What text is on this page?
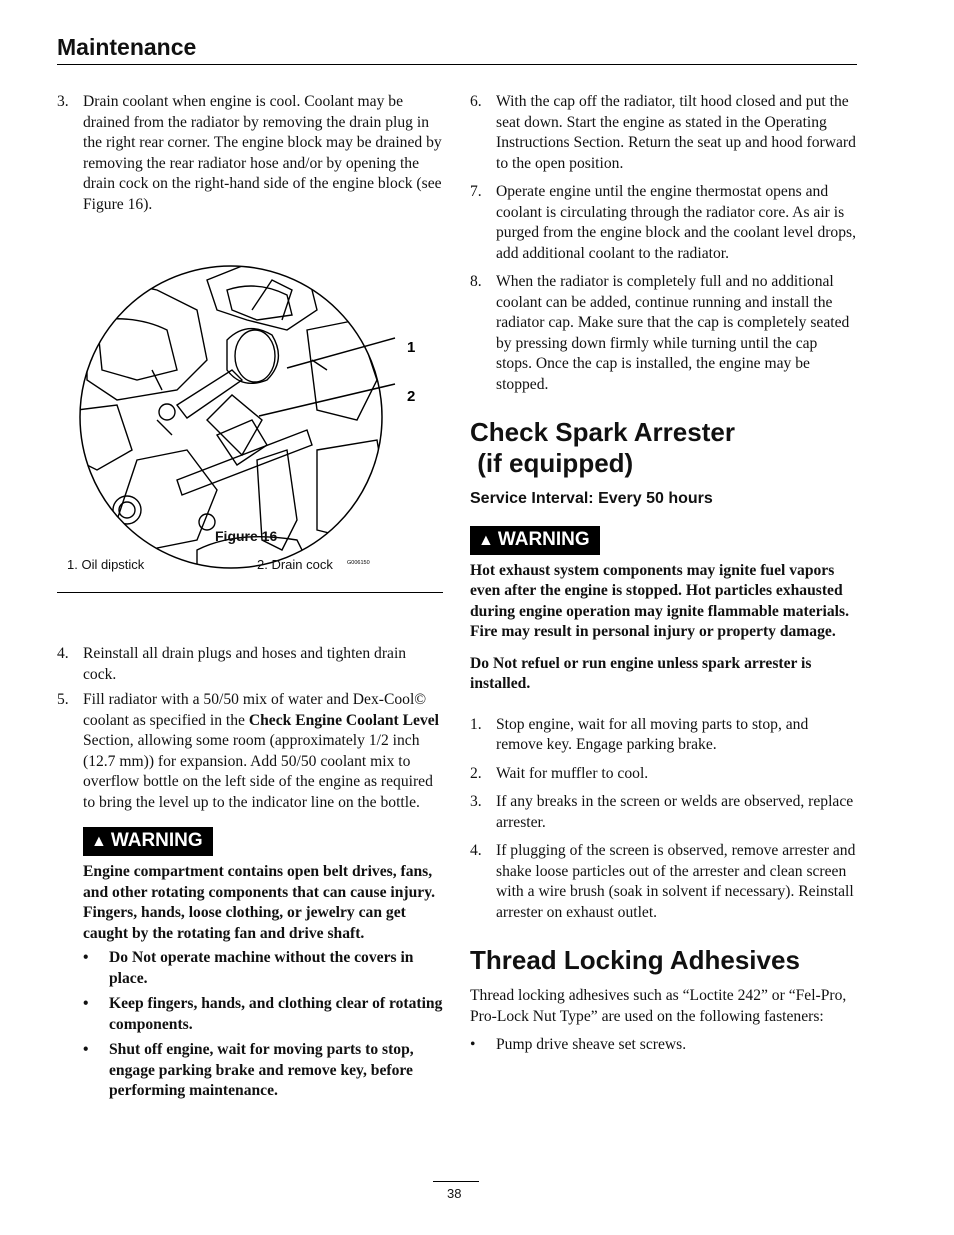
Maintenance
3. Drain coolant when engine is cool. Coolant may be drained from the radiator by removing the drain plug in the right rear corner. The engine block may be drained by removing the rear radiator hose and/or by opening the drain cock on the right-hand side of the engine block (see Figure 16).
1
2
G006150
Figure 16
1. Oil dipstick	2. Drain cock
4. Reinstall all drain plugs and hoses and tighten drain cock.
5. Fill radiator with a 50/50 mix of water and Dex-Cool© coolant as specified in the Check Engine Coolant Level Section, allowing some room (approximately 1/2 inch (12.7 mm)) for expansion. Add 50/50 coolant mix to overflow bottle on the left side of the engine as required to bring the level up to the indicator line on the bottle.
▲ WARNING
Engine compartment contains open belt drives, fans, and other rotating components that can cause injury. Fingers, hands, loose clothing, or jewelry can get caught by the rotating fan and drive shaft.
• Do Not operate machine without the covers in place.
• Keep fingers, hands, and clothing clear of rotating components.
• Shut off engine, wait for moving parts to stop, engage parking brake and remove key, before performing maintenance.
6. With the cap off the radiator, tilt hood closed and put the seat down. Start the engine as stated in the Operating Instructions Section. Return the seat up and hood forward to the open position.
7. Operate engine until the engine thermostat opens and coolant is circulating through the radiator core. As air is purged from the engine block and the coolant level drops, add additional coolant to the radiator.
8. When the radiator is completely full and no additional coolant can be added, continue running and install the radiator cap. Make sure that the cap is completely seated by pressing down firmly while turning until the cap stops. Once the cap is installed, the engine may be stopped.
Check Spark Arrester
(if equipped)
Service Interval: Every 50 hours
▲ WARNING
Hot exhaust system components may ignite fuel vapors even after the engine is stopped. Hot particles exhausted during engine operation may ignite flammable materials. Fire may result in personal injury or property damage.
Do Not refuel or run engine unless spark arrester is installed.
1. Stop engine, wait for all moving parts to stop, and remove key. Engage parking brake.
2. Wait for muffler to cool.
3. If any breaks in the screen or welds are observed, replace arrester.
4. If plugging of the screen is observed, remove arrester and shake loose particles out of the arrester and clean screen with a wire brush (soak in solvent if necessary). Reinstall arrester on exhaust outlet.
Thread Locking Adhesives
Thread locking adhesives such as “Loctite 242” or “Fel-Pro, Pro-Lock Nut Type” are used on the following fasteners:
• Pump drive sheave set screws.
38
